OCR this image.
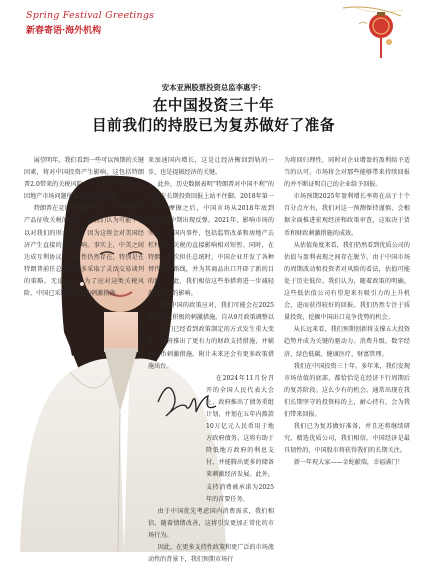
Spring Festival Greetings
新春寄语·海外机构
安本亚洲股票投资总监李惠宇：
在中国投资三十年
目前我们的持股已为复苏做好了准备

展望明年，我们看到一些可以预期的关键因素，将对中国投资产生影响，这包括特朗普2.0带来的关税风险，以及应对国内需求和因地产市场问题所采取的刺激措施。

特朗普在竞选期间虽然宣布了对中国进口产品征收关税的方案，但我们认为可能不会以对我们的形式落实，因为这将会对美国经济产生直接的负面影响。事实上，中美之间达成互利协议的可能性仍然存在，特别是在特朗普前任总统时更多采取了灵活交易谈判的策略。无论如何，为了应对这类关税风险，中国已采取更积极的刺激措施。

来加速国内增长，这是让经济衡回到轨的一步，也是提振经济的关键。

此外，历史数据表明“特朗普对中国不利”的说法在长期投资回报上站不住脚。2018年第一次贸易摩擦之后，中国市场从2018年底到2021年中期出现反弹。2021年，影响市场的实际上是国内事件，包括监管改革和房地产去杠杆化。关税的直接影响相对短暂。同时，在特朗普首次担任总统时，中国企业开发了各种替代贸易路线，并为其商品出口开辟了新的目的地。因此，我们相信这些举措将进一步减轻潜在关税的影响。

谈到中国的政策应对，我们可能会在2025年看到更积极的刺激措施。自从9月政策调整以来，我们已经看到政策制定的方式发生重大变化，政府推出了更有力的财政支持措施，并辅以货币刺激措施。附计未来还会有更多政策措施出台。

在2024年11月份召开的全国人民代表大会上，政府推出了债务重组计划，并划在五年内拨款10万亿元人民币用于地方政府债务。这将有助于降低地方政府的利息支付，并能腾出更多的储备来刺激经济发展。此外，支持消费被承诺为2025年的首要任务。

由于中国优先考虑国内消费需求，我们相信，随着情绪改善，这将引发更加正常化的市场行为。

因此，在更多支持性政策和更广泛的市场流动性的背景下，我们预期市场行

为将回归理性，同时对企业增盈的盈利给予适当的认可。市场将会对那些能够带来持续回报的并不断证明自己的企业给予回报。

市场预期2025年盈利增长率将在高于十个百分点左右，我们对这一预测保持谨慎，会根据全面推进宏观经济和政策审查，这取决于货币和财政刺激措施的成效。

从估值角度来看，我们仍然看到优质公司的估值与盈利表现之间存在脱节，由于中国市场的周期波动和投资者对风险的看法，估值可能处于历史低位。我们认为，随着政策的明确，这些低估值公司有望迎来有吸引力的上升机会，进而获得较好的回报。我们仍然专注于质量投资，挖掘中国出口竞争优势的机会。

从长远来看，我们预期创新将支撑五大投资趋势并成为关键的驱动力。消费升级、数字经济、绿色低碳、健康医疗、财富管理。

我们在中国投资三十年，多年来，我们发现市场估值的底部，都恰恰是在经济下行周期后的复苏阶段。这么少有的机会，通常出现在我们长期坚守的投资标的上，耐心持有，会为我们带来回报。

我们已为复苏做好准备，并且还将继续研究，精选优质公司，我们相信，中国经济是最具韧性的，中国股市将获得我们的长期关注。

新一年祝大家——金蛇献瑞，幸福满门！
